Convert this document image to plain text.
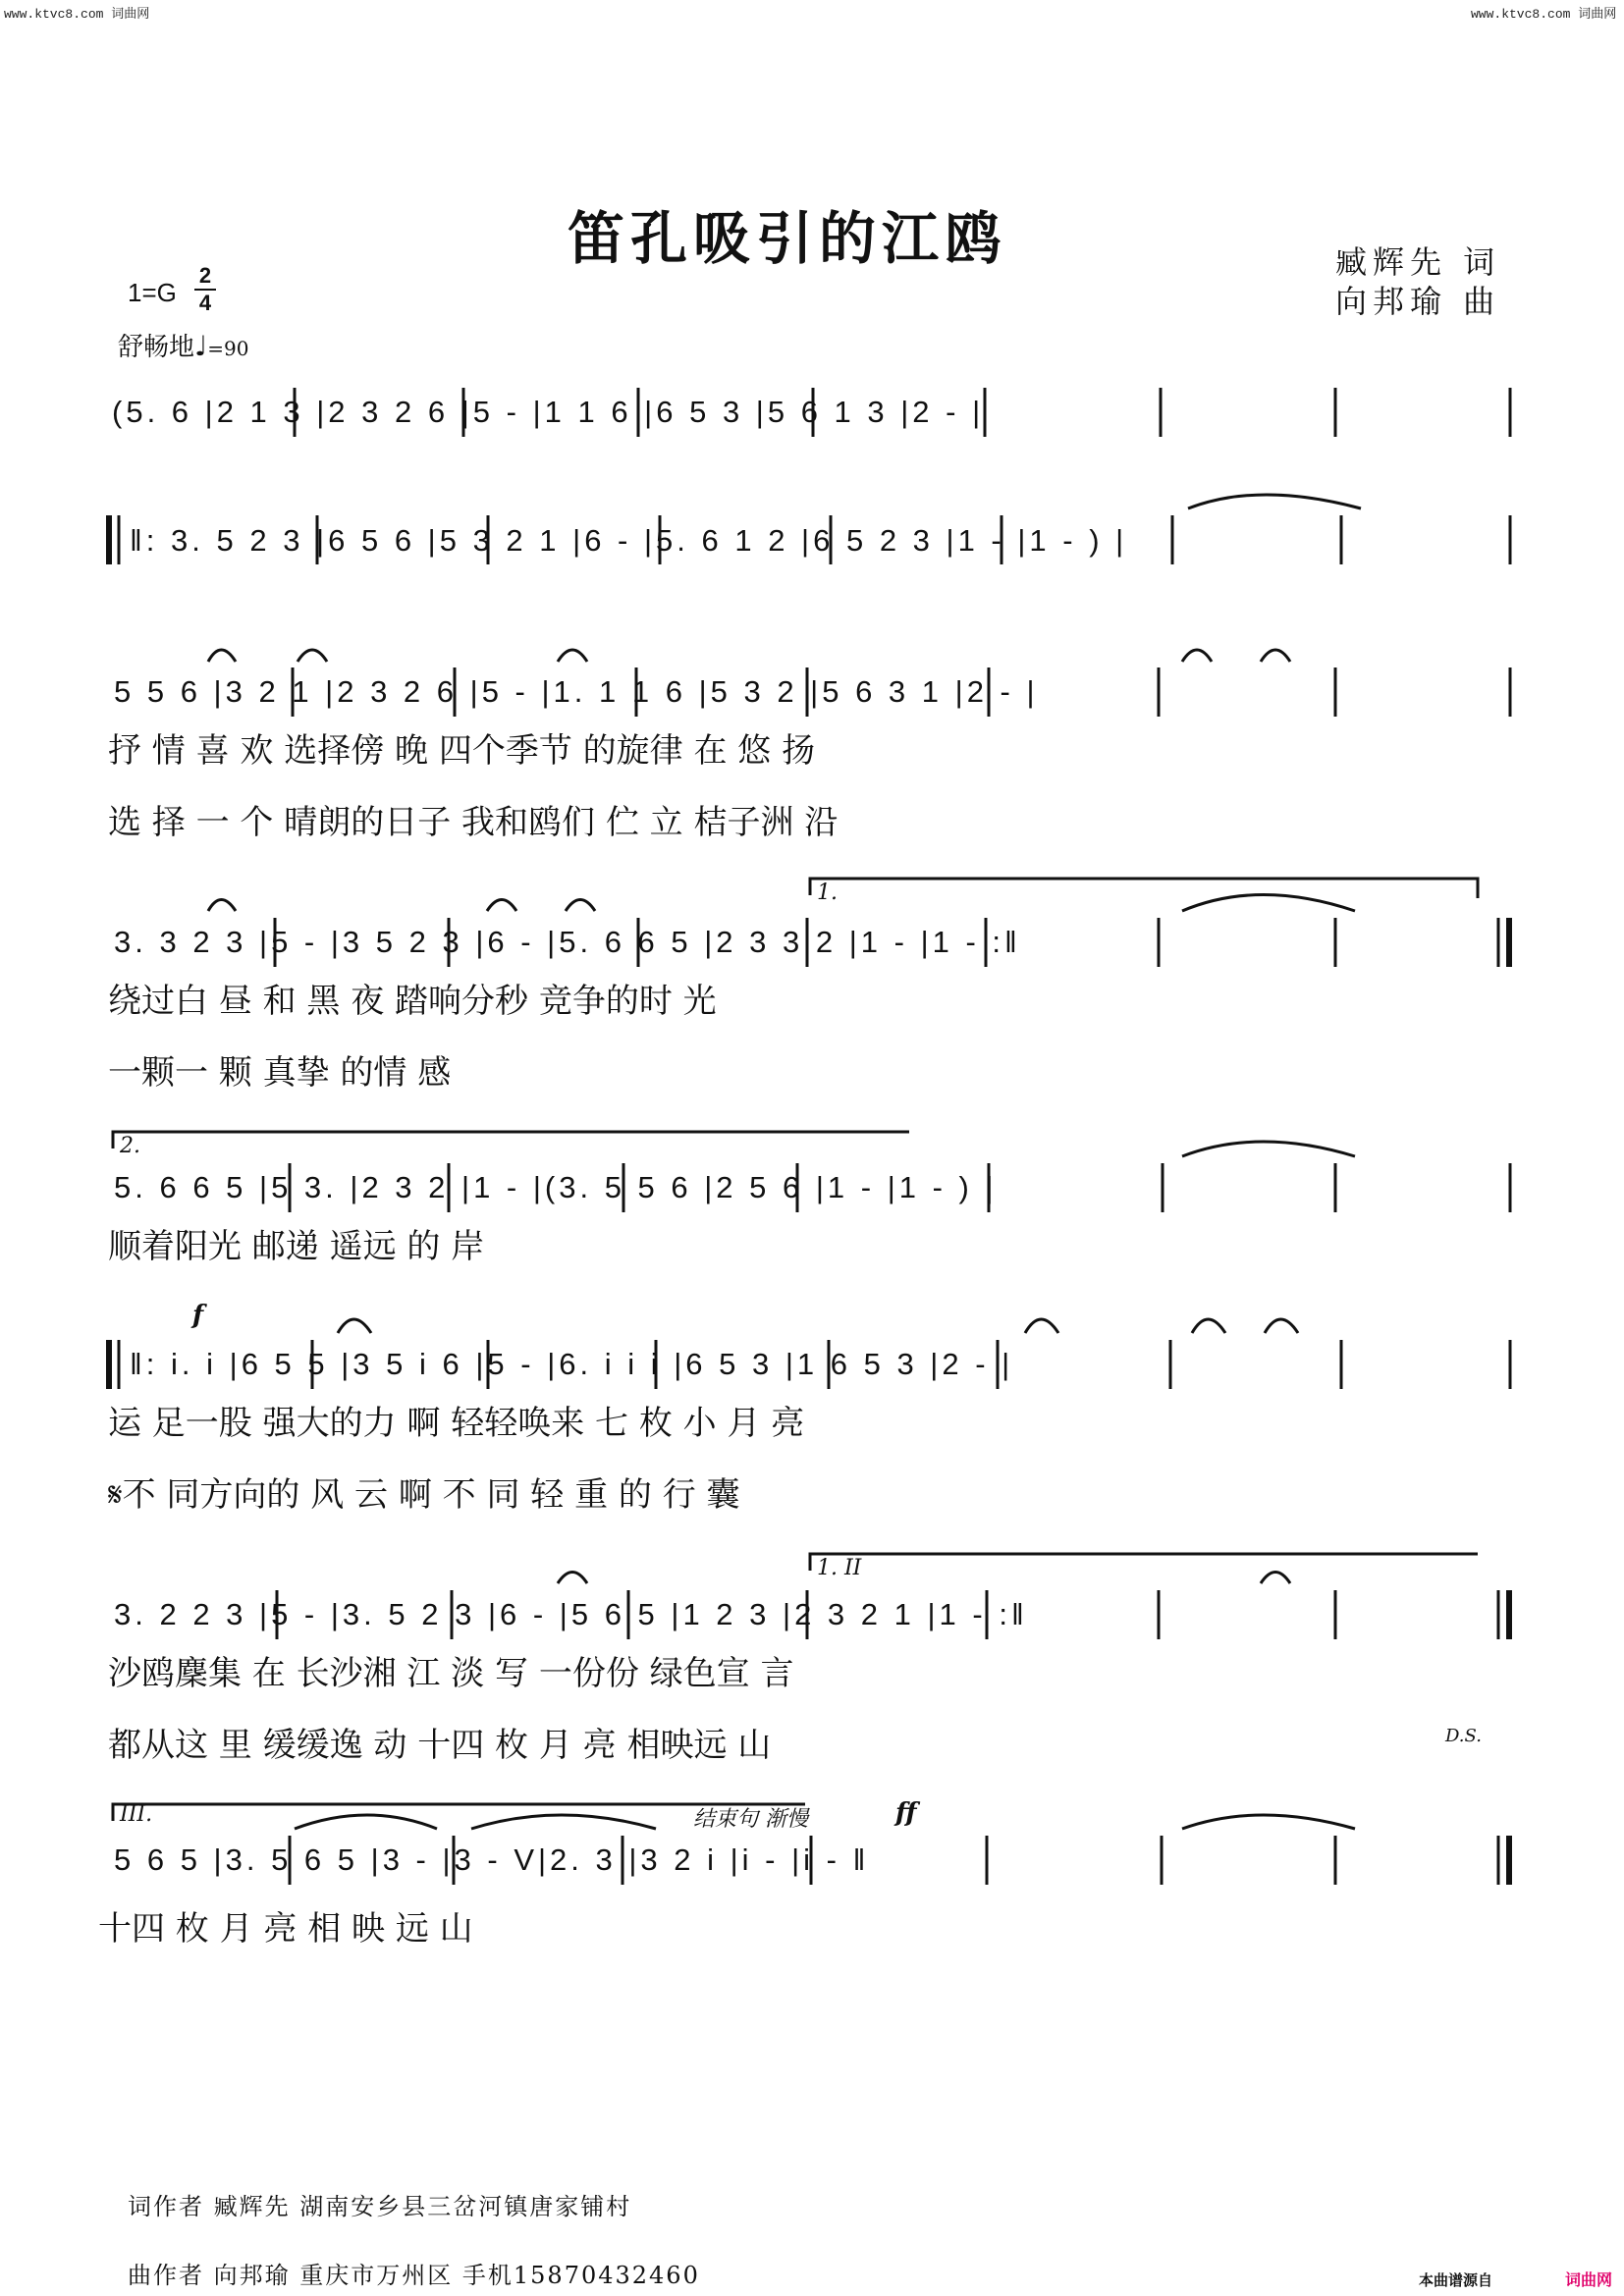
www.ktvc8.com 词曲网	www.ktvc8.com 词曲网
笛孔吸引的江鸥	臧辉先 词
向邦瑜 曲
1=G
2
4
舒畅地♩=90
(5. 6 |2 1 3 |2 3 2 6 |5 - |1 1 6 |6 5 3 |5 6 1 3 |2 - |
‖: 3. 5 2 3 |6 5 6 |5 3 2 1 |6 - |5. 6 1 2 |6 5 2 3 |1 - |1 - ) |
5 5 6 |3 2 1 |2 3 2 6 |5 - |1. 1 1 6 |5 3 2 |5 6 3 1 |2 - |
抒 情 喜 欢 选择傍 晚 四个季节 的旋律 在 悠 扬
选 择 一 个 晴朗的日子 我和鸥们 伫 立 桔子洲 沿
1.
3. 3 2 3 |5 - |3 5 2 3 |6 - |5. 6 6 5 |2 3 3 2 |1 - |1 - :‖
绕过白 昼 和 黑 夜 踏响分秒 竞争的时 光
一颗一 颗 真挚 的情 感
2.
5. 6 6 5 |5 3. |2 3 2 |1 - |(3. 5 5 6 |2 5 6 |1 - |1 - ) |
顺着阳光 邮递 遥远 的 岸
f
‖: i. i |6 5 5 |3 5 i 6 |5 - |6. i i i |6 5 3 |1 6 5 3 |2 - |
运 足一股 强大的力 啊 轻轻唤来 七 枚 小 月 亮
𝄋不 同方向的 风 云 啊 不 同 轻 重 的 行 囊
1. II
3. 2 2 3 |5 - |3. 5 2 3 |6 - |5 6 5 |1 2 3 |2 3 2 1 |1 - :‖
沙鸥麇集 在 长沙湘 江 淡 写 一份份 绿色宣 言
都从这 里 缓缓逸 动 十四 枚 月 亮 相映远 山	D.S.
III.	结束句 渐慢	ff
5 6 5 |3. 5 6 5 |3 - |3 - V|2. 3 |3 2 i |i - |i - ‖
十四 枚 月 亮 相 映 远 山
词作者 臧辉先 湖南安乡县三岔河镇唐家铺村
曲作者 向邦瑜 重庆市万州区 手机15870432460	本曲谱源自	词曲网
